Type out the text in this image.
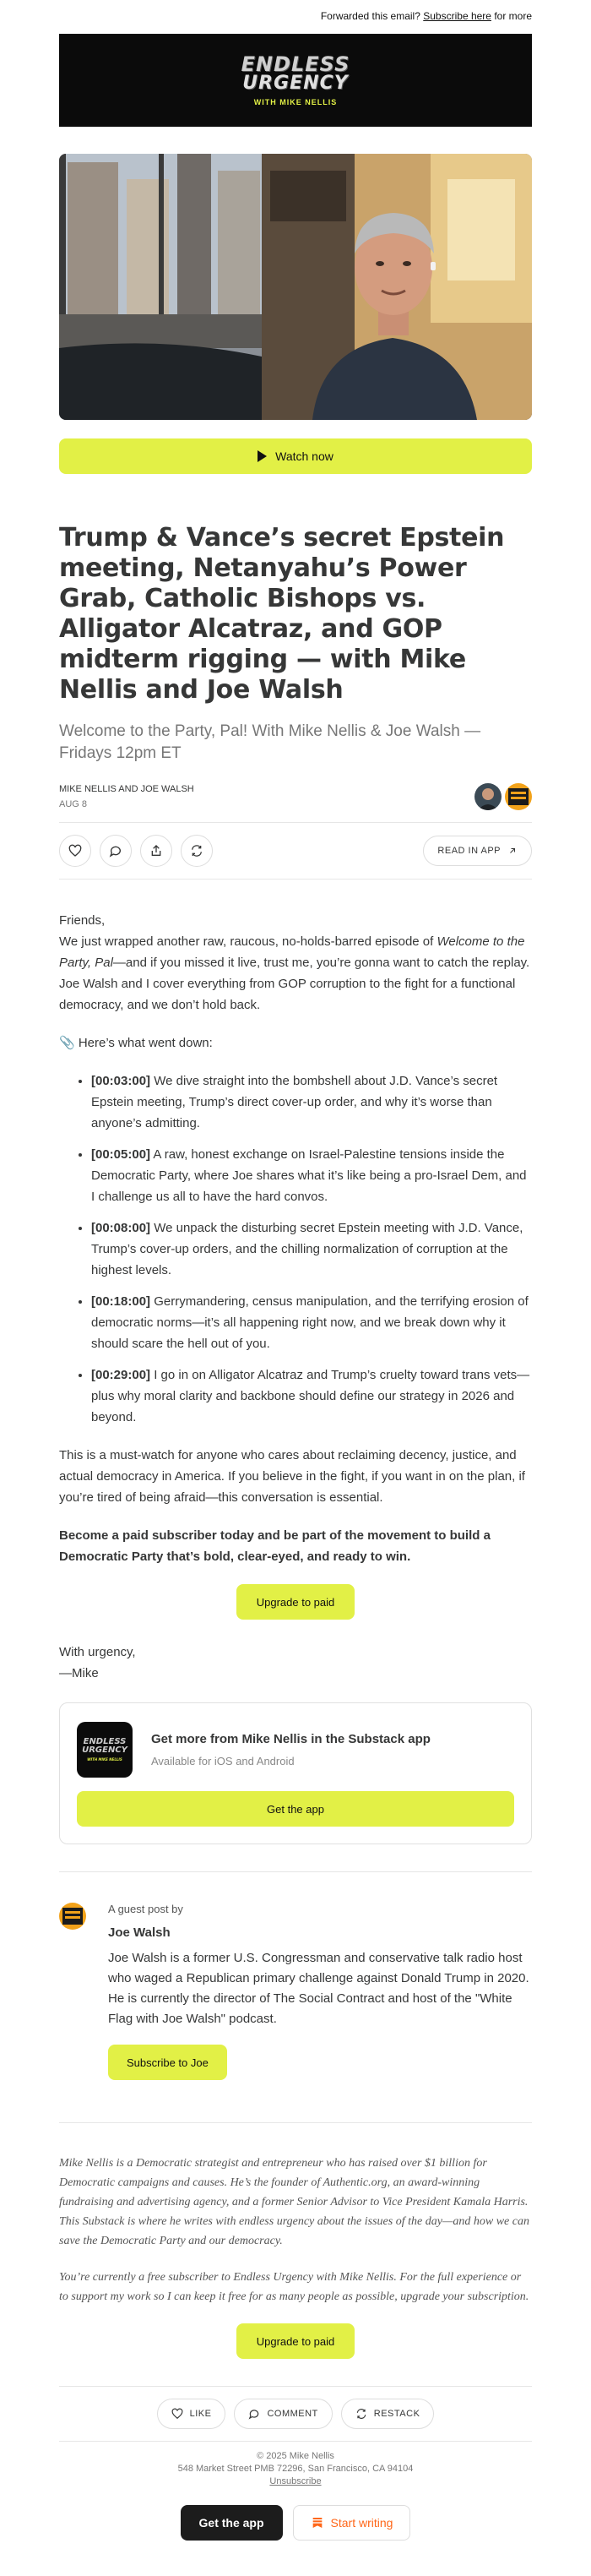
Forwarded this email? Subscribe here for more
ENDLESS
URGENCY
WITH MIKE NELLIS
Watch now
Trump & Vance’s secret Epstein meeting, Netanyahu’s Power Grab, Catholic Bishops vs. Alligator Alcatraz, and GOP midterm rigging — with Mike Nellis and Joe Walsh
Welcome to the Party, Pal! With Mike Nellis & Joe Walsh — Fridays 12pm ET
MIKE NELLIS AND JOE WALSH
AUG 8
READ IN APP

Friends,
We just wrapped another raw, raucous, no-holds-barred episode of Welcome to the Party, Pal—and if you missed it live, trust me, you’re gonna want to catch the replay. Joe Walsh and I cover everything from GOP corruption to the fight for a functional democracy, and we don’t hold back.

📎 Here’s what went down:

• [00:03:00] We dive straight into the bombshell about J.D. Vance’s secret Epstein meeting, Trump’s direct cover-up order, and why it’s worse than anyone’s admitting.
• [00:05:00] A raw, honest exchange on Israel-Palestine tensions inside the Democratic Party, where Joe shares what it’s like being a pro-Israel Dem, and I challenge us all to have the hard convos.
• [00:08:00] We unpack the disturbing secret Epstein meeting with J.D. Vance, Trump’s cover-up orders, and the chilling normalization of corruption at the highest levels.
• [00:18:00] Gerrymandering, census manipulation, and the terrifying erosion of democratic norms—it’s all happening right now, and we break down why it should scare the hell out of you.
• [00:29:00] I go in on Alligator Alcatraz and Trump’s cruelty toward trans vets—plus why moral clarity and backbone should define our strategy in 2026 and beyond.

This is a must-watch for anyone who cares about reclaiming decency, justice, and actual democracy in America. If you believe in the fight, if you want in on the plan, if you’re tired of being afraid—this conversation is essential.

Become a paid subscriber today and be part of the movement to build a Democratic Party that’s bold, clear-eyed, and ready to win.

Upgrade to paid

With urgency,
—Mike

ENDLESS
URGENCY
WITH MIKE NELLIS
Get more from Mike Nellis in the Substack app
Available for iOS and Android
Get the app
A guest post by
Joe Walsh
Joe Walsh is a former U.S. Congressman and conservative talk radio host who waged a Republican primary challenge against Donald Trump in 2020. He is currently the director of The Social Contract and host of the "White Flag with Joe Walsh" podcast.
Subscribe to Joe

Mike Nellis is a Democratic strategist and entrepreneur who has raised over $1 billion for Democratic campaigns and causes. He’s the founder of Authentic.org, an award-winning fundraising and advertising agency, and a former Senior Advisor to Vice President Kamala Harris. This Substack is where he writes with endless urgency about the issues of the day—and how we can save the Democratic Party and our democracy.

You’re currently a free subscriber to Endless Urgency with Mike Nellis. For the full experience or to support my work so I can keep it free for as many people as possible, upgrade your subscription.

Upgrade to paid
LIKE	COMMENT	RESTACK
© 2025 Mike Nellis
548 Market Street PMB 72296, San Francisco, CA 94104
Unsubscribe
Get the app	Start writing
